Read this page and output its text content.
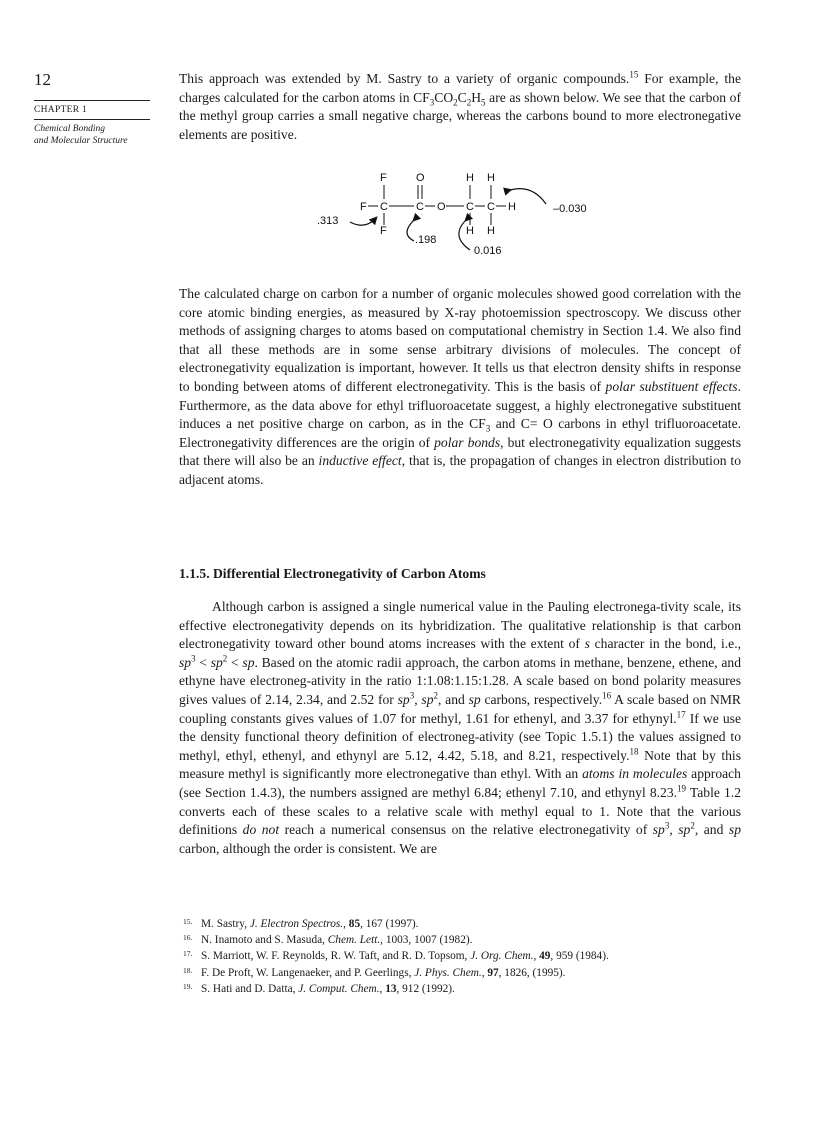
12
CHAPTER 1
Chemical Bonding
and Molecular Structure

This approach was extended by M. Sastry to a variety of organic compounds.$^{15}$ For example, the charges calculated for the carbon atoms in $CF_3CO_2C_2H_5$ are as shown below. We see that the carbon of the methyl group carries a small negative charge, whereas the carbons bound to more electronegative elements are positive.

F	O	H H
F C	C O C C H
F	H H
.313
.198
0.016
–0.030

The calculated charge on carbon for a number of organic molecules showed good correlation with the core atomic binding energies, as measured by X-ray photoemission spectroscopy. We discuss other methods of assigning charges to atoms based on computational chemistry in Section 1.4. We also find that all these methods are in some sense arbitrary divisions of molecules. The concept of electronegativity equalization is important, however. It tells us that electron density shifts in response to bonding between atoms of different electronegativity. This is the basis of polar substituent effects. Furthermore, as the data above for ethyl trifluoroacetate suggest, a highly electronegative substituent induces a net positive charge on carbon, as in the $CF_3$ and C= O carbons in ethyl trifluoroacetate. Electronegativity differences are the origin of polar bonds, but electronegativity equalization suggests that there will also be an inductive effect, that is, the propagation of changes in electron distribution to adjacent atoms.

1.1.5. Differential Electronegativity of Carbon Atoms

Although carbon is assigned a single numerical value in the Pauling electronega-tivity scale, its effective electronegativity depends on its hybridization. The qualitative relationship is that carbon electronegativity toward other bound atoms increases with the extent of s character in the bond, i.e., $sp^3 < sp^2$ < sp. Based on the atomic radii approach, the carbon atoms in methane, benzene, ethene, and ethyne have electroneg-ativity in the ratio 1:1.08:1.15:1.28. A scale based on bond polarity measures gives values of 2.14, 2.34, and 2.52 for $sp^3$, $sp^2$, and sp carbons, respectively.$^{16}$ A scale based on NMR coupling constants gives values of 1.07 for methyl, 1.61 for ethenyl, and 3.37 for ethynyl.$^{17}$ If we use the density functional theory definition of electroneg-ativity (see Topic 1.5.1) the values assigned to methyl, ethyl, ethenyl, and ethynyl are 5.12, 4.42, 5.18, and 8.21, respectively.$^{18}$ Note that by this measure methyl is significantly more electronegative than ethyl. With an atoms in molecules approach (see Section 1.4.3), the numbers assigned are methyl 6.84; ethenyl 7.10, and ethynyl 8.23.19 Table 1.2 converts each of these scales to a relative scale with methyl equal to 1. Note that the various definitions do not reach a numerical consensus on the relative electronegativity of $sp^3$, $sp^2$, and sp carbon, although the order is consistent. We are

15. M. Sastry, J. Electron Spectros., 85, 167 (1997).
16. N. Inamoto and S. Masuda, Chem. Lett., 1003, 1007 (1982).
17. S. Marriott, W. F. Reynolds, R. W. Taft, and R. D. Topsom, J. Org. Chem., 49, 959 (1984).
18. F. De Proft, W. Langenaeker, and P. Geerlings, J. Phys. Chem., 97, 1826, (1995).
19. S. Hati and D. Datta, J. Comput. Chem., 13, 912 (1992).
